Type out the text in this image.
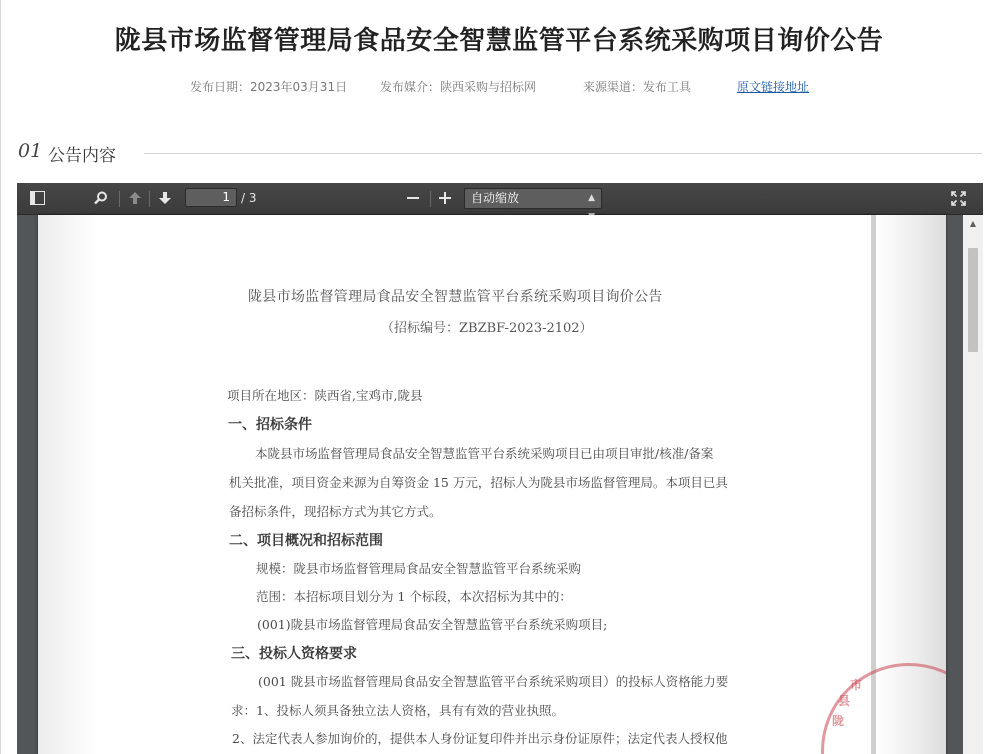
陇县市场监督管理局食品安全智慧监管平台系统采购项目询价公告
发布日期：2023年03月31日	发布媒介：陕西采购与招标网	来源渠道：发布工具	原文链接地址
01 公告内容
1 / 3	自动缩放	▲

陇县市场监督管理局食品安全智慧监管平台系统采购项目询价公告
（招标编号：ZBZBF-2023-2102）
项目所在地区：陕西省,宝鸡市,陇县
一、招标条件
本陇县市场监督管理局食品安全智慧监管平台系统采购项目已由项目审批/核准/备案
机关批准，项目资金来源为自筹资金 15 万元，招标人为陇县市场监督管理局。本项目已具
备招标条件，现招标方式为其它方式。
二、项目概况和招标范围
规模：陇县市场监督管理局食品安全智慧监管平台系统采购
范围：本招标项目划分为 1 个标段，本次招标为其中的：
(001)陇县市场监督管理局食品安全智慧监管平台系统采购项目;
三、投标人资格要求
(001 陇县市场监督管理局食品安全智慧监管平台系统采购项目）的投标人资格能力要
求：1、投标人须具备独立法人资格，具有有效的营业执照。
2、法定代表人参加询价的，提供本人身份证复印件并出示身份证原件；法定代表人授权他
陇
县
市
▲
